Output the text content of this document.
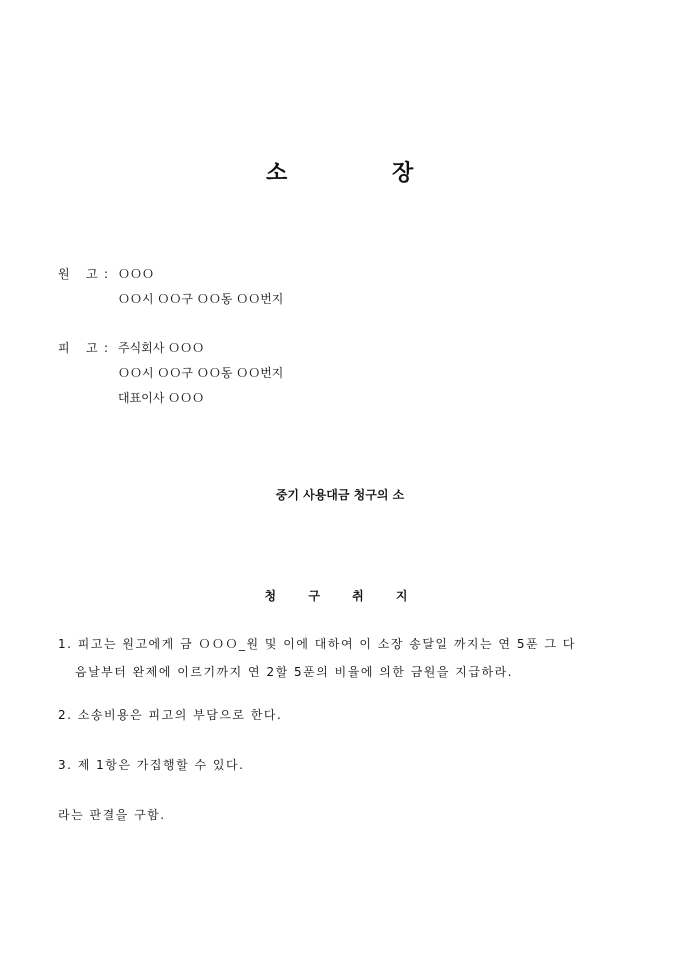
소	장
원 고 : ＯＯＯ
ＯＯ시 ＯＯ구 ＯＯ동 ＯＯ번지
피 고 : 주식회사 ＯＯＯ
ＯＯ시 ＯＯ구 ＯＯ동 ＯＯ번지
대표이사 ＯＯＯ
중기 사용대금 청구의 소
청 구 취 지
1. 피고는 원고에게 금 ＯＯＯ_원 및 이에 대하여 이 소장 송달일 까지는 연 5푼 그 다
음날부터 완제에 이르기까지 연 2할 5푼의 비율에 의한 금원을 지급하라.
2. 소송비용은 피고의 부담으로 한다.
3. 제 1항은 가집행할 수 있다.
라는 판결을 구함.
